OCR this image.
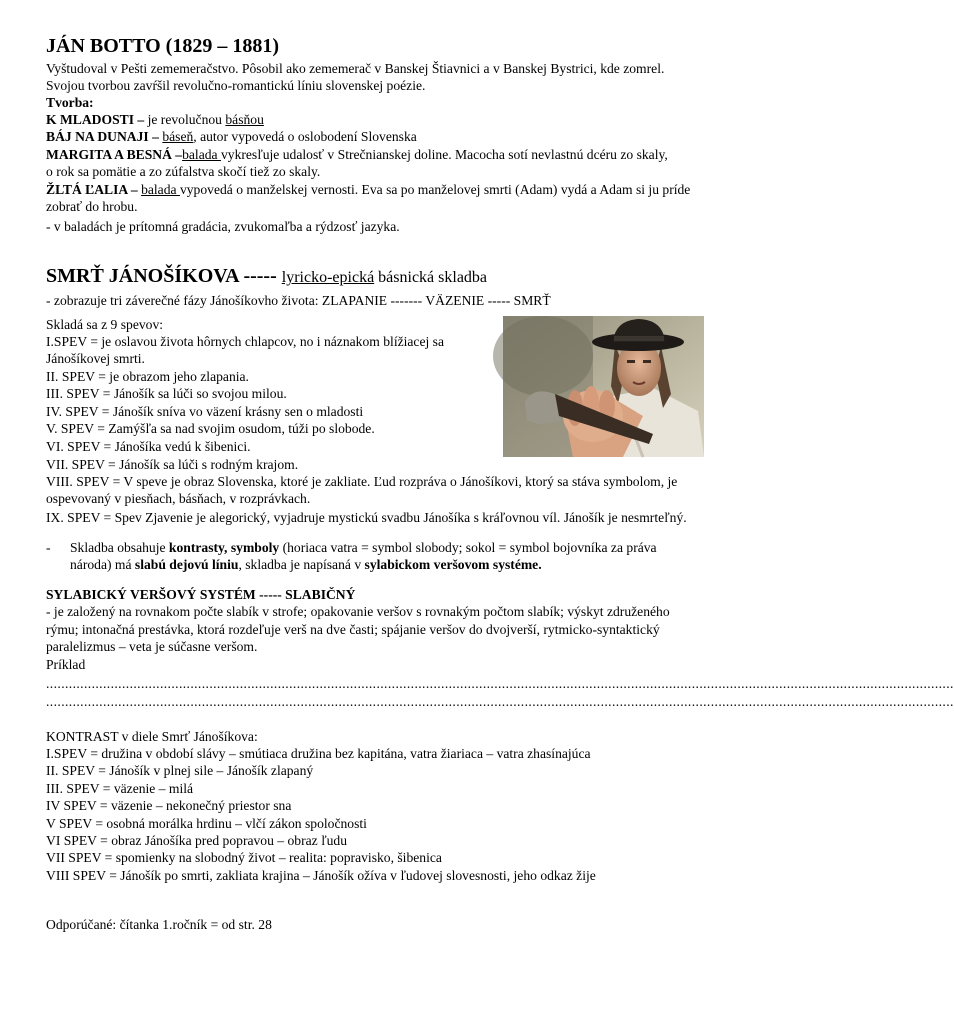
JÁN BOTTO (1829 – 1881)
Vyštudoval v Pešti zememeračstvo. Pôsobil ako zememerač v Banskej Štiavnici a v Banskej Bystrici, kde zomrel.
Svojou tvorbou zavŕšil revolučno-romantickú líniu slovenskej poézie.
Tvorba:
K MLADOSTI – je revolučnou básňou
BÁJ NA DUNAJI – báseň, autor vypovedá o oslobodení Slovenska
MARGITA A BESNÁ –balada vykresľuje udalosť v Strečnianskej doline. Macocha sotí nevlastnú dcéru zo skaly,
o rok sa pomätie a zo zúfalstva skočí tiež zo skaly.
ŽLTÁ ĽALIA – balada vypovedá o manželskej vernosti. Eva sa po manželovej smrti (Adam) vydá a Adam si ju príde
zobrať do hrobu.
- v baladách je prítomná gradácia, zvukomaľba a rýdzosť jazyka.
SMRŤ JÁNOŠÍKOVA ----- lyricko-epická básnická skladba
- zobrazuje tri záverečné fázy Jánošíkovho života: ZLAPANIE ------- VÄZENIE ----- SMRŤ
Skladá sa z 9 spevov:
I.SPEV = je oslavou života hôrnych chlapcov, no i náznakom blížiacej sa
Jánošíkovej smrti.
II. SPEV = je obrazom jeho zlapania.
III. SPEV = Jánošík sa lúči so svojou milou.
IV. SPEV = Jánošík sníva vo väzení krásny sen o mladosti
V. SPEV = Zamýšľa sa nad svojim osudom, túži po slobode.
VI. SPEV = Jánošíka vedú k šibenici.
VII. SPEV = Jánošík sa lúči s rodným krajom.
VIII. SPEV = V speve je obraz Slovenska, ktoré je zakliate. Ľud rozpráva o Jánošíkovi, ktorý sa stáva symbolom, je
ospevovaný v piesňach, básňach, v rozprávkach.
IX. SPEV = Spev Zjavenie je alegorický, vyjadruje mystickú svadbu Jánošíka s kráľovnou víl. Jánošík je nesmrteľný.
- Skladba obsahuje kontrasty, symboly (horiaca vatra = symbol slobody; sokol = symbol bojovníka za práva
národa) má slabú dejovú líniu, skladba je napísaná v sylabickom veršovom systéme.
SYLABICKÝ VERŠOVÝ SYSTÉM ----- SLABIČNÝ
- je založený na rovnakom počte slabík v strofe; opakovanie veršov s rovnakým počtom slabík; výskyt združeného
rýmu; intonačná prestávka, ktorá rozdeľuje verš na dve časti; spájanie veršov do dvojverší, rytmicko-syntaktický
paralelizmus – veta je súčasne veršom.
Príklad
...............................................................................................................................................................................................................................................
...............................................................................................................................................................................................................................................
KONTRAST v diele Smrť Jánošíkova:
I.SPEV = družina v období slávy – smútiaca družina bez kapitána, vatra žiariaca – vatra zhasínajúca
II. SPEV = Jánošík v plnej sile – Jánošík zlapaný
III. SPEV = väzenie – milá
IV SPEV = väzenie – nekonečný priestor sna
V SPEV = osobná morálka hrdinu – vlčí zákon spoločnosti
VI SPEV = obraz Jánošíka pred popravou – obraz ľudu
VII SPEV = spomienky na slobodný život – realita: popravisko, šibenica
VIII SPEV = Jánošík po smrti, zakliata krajina – Jánošík ožíva v ľudovej slovesnosti, jeho odkaz žije
Odporúčané: čítanka 1.ročník = od str. 28
